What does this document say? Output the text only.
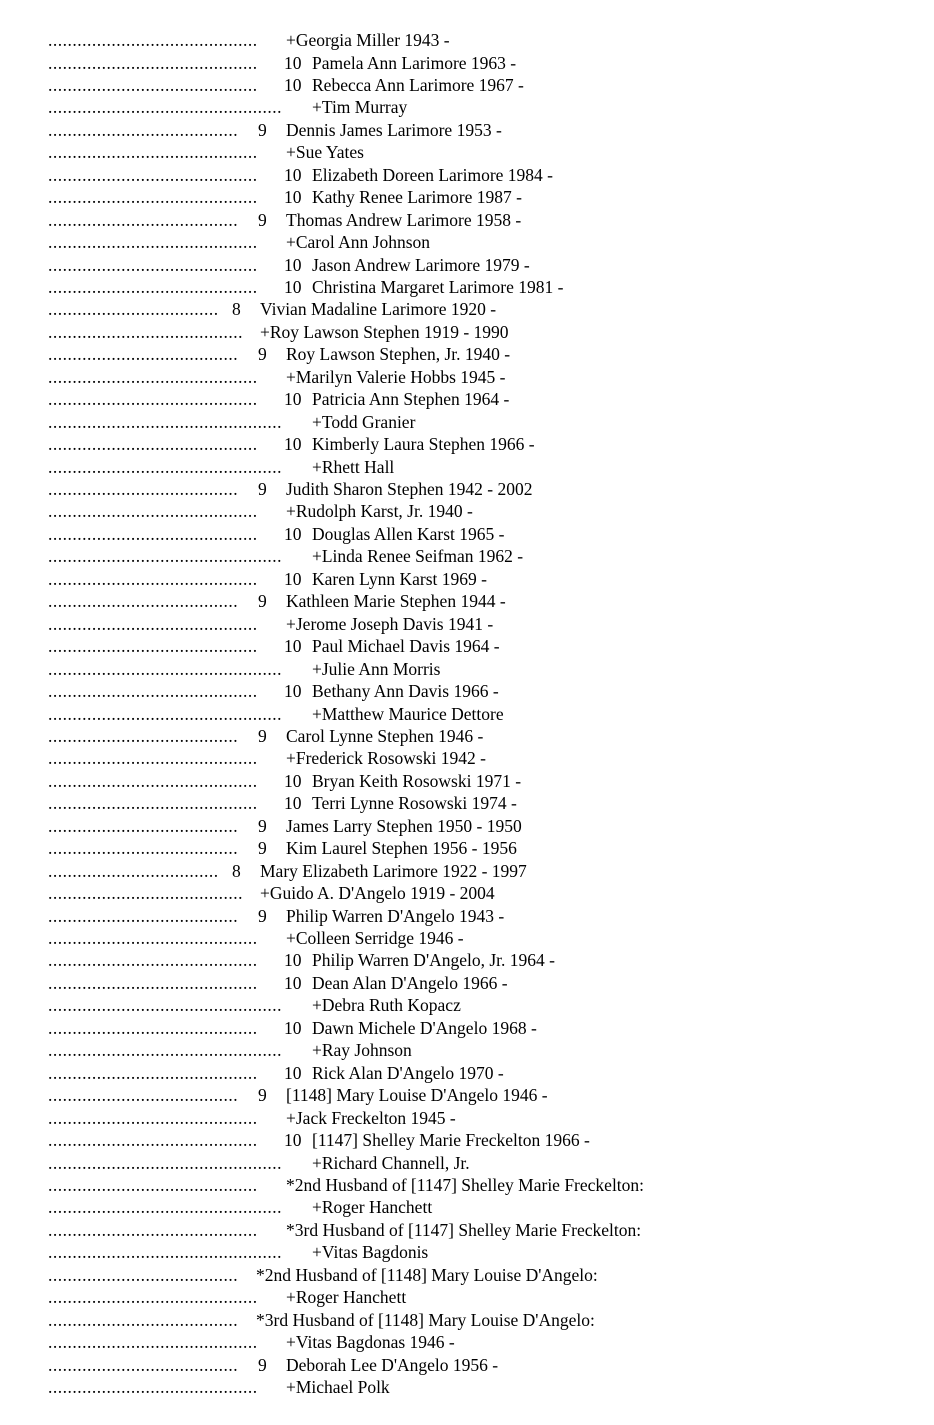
........................................... +Georgia Miller 1943 -
........................................... 10 Pamela Ann Larimore 1963 -
........................................... 10 Rebecca Ann Larimore 1967 -
................................................ +Tim Murray
....................................... 9 Dennis James Larimore 1953 -
........................................... +Sue Yates
........................................... 10 Elizabeth Doreen Larimore 1984 -
........................................... 10 Kathy Renee Larimore 1987 -
....................................... 9 Thomas Andrew Larimore 1958 -
........................................... +Carol Ann Johnson
........................................... 10 Jason Andrew Larimore 1979 -
........................................... 10 Christina Margaret Larimore 1981 -
................................... 8 Vivian Madaline Larimore 1920 -
........................................ +Roy Lawson Stephen 1919 - 1990
....................................... 9 Roy Lawson Stephen, Jr. 1940 -
........................................... +Marilyn Valerie Hobbs 1945 -
........................................... 10 Patricia Ann Stephen 1964 -
................................................ +Todd Granier
........................................... 10 Kimberly Laura Stephen 1966 -
................................................ +Rhett Hall
....................................... 9 Judith Sharon Stephen 1942 - 2002
........................................... +Rudolph Karst, Jr. 1940 -
........................................... 10 Douglas Allen Karst 1965 -
................................................ +Linda Renee Seifman 1962 -
........................................... 10 Karen Lynn Karst 1969 -
....................................... 9 Kathleen Marie Stephen 1944 -
........................................... +Jerome Joseph Davis 1941 -
........................................... 10 Paul Michael Davis 1964 -
................................................ +Julie Ann Morris
........................................... 10 Bethany Ann Davis 1966 -
................................................ +Matthew Maurice Dettore
....................................... 9 Carol Lynne Stephen 1946 -
........................................... +Frederick Rosowski 1942 -
........................................... 10 Bryan Keith Rosowski 1971 -
........................................... 10 Terri Lynne Rosowski 1974 -
....................................... 9 James Larry Stephen 1950 - 1950
....................................... 9 Kim Laurel Stephen 1956 - 1956
................................... 8 Mary Elizabeth Larimore 1922 - 1997
........................................ +Guido A. D'Angelo 1919 - 2004
....................................... 9 Philip Warren D'Angelo 1943 -
........................................... +Colleen Serridge 1946 -
........................................... 10 Philip Warren D'Angelo, Jr. 1964 -
........................................... 10 Dean Alan D'Angelo 1966 -
................................................ +Debra Ruth Kopacz
........................................... 10 Dawn Michele D'Angelo 1968 -
................................................ +Ray Johnson
........................................... 10 Rick Alan D'Angelo 1970 -
....................................... 9 [1148] Mary Louise D'Angelo 1946 -
........................................... +Jack Freckelton 1945 -
........................................... 10 [1147] Shelley Marie Freckelton 1966 -
................................................ +Richard Channell, Jr.
........................................... *2nd Husband of [1147] Shelley Marie Freckelton:
................................................ +Roger Hanchett
........................................... *3rd Husband of [1147] Shelley Marie Freckelton:
................................................ +Vitas Bagdonis
....................................... *2nd Husband of [1148] Mary Louise D'Angelo:
........................................... +Roger Hanchett
....................................... *3rd Husband of [1148] Mary Louise D'Angelo:
........................................... +Vitas Bagdonas 1946 -
....................................... 9 Deborah Lee D'Angelo 1956 -
........................................... +Michael Polk
